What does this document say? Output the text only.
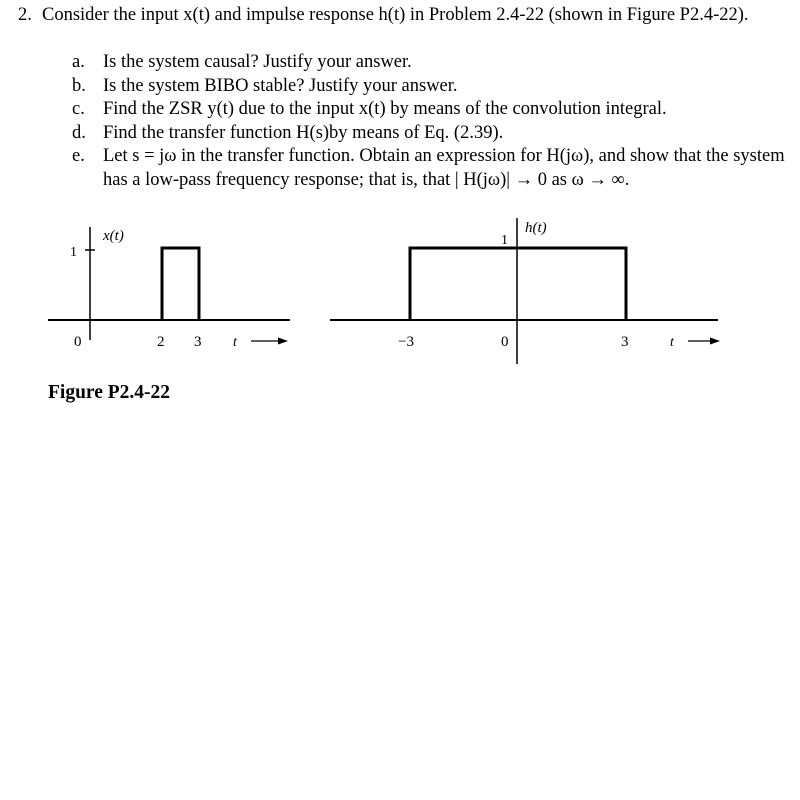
2. Consider the input x(t) and impulse response h(t) in Problem 2.4-22 (shown in Figure P2.4-22).
a. Is the system causal? Justify your answer.
b. Is the system BIBO stable? Justify your answer.
c. Find the ZSR y(t) due to the input x(t) by means of the convolution integral.
d. Find the transfer function H(s)by means of Eq. (2.39).
e. Let s = jω in the transfer function. Obtain an expression for H(jω), and show that the system has a low-pass frequency response; that is, that | H(jω)| → 0 as ω → ∞.
x(t)
1
0	2 3 t
h(t)
1
−3	0	3	t
Figure P2.4-22
